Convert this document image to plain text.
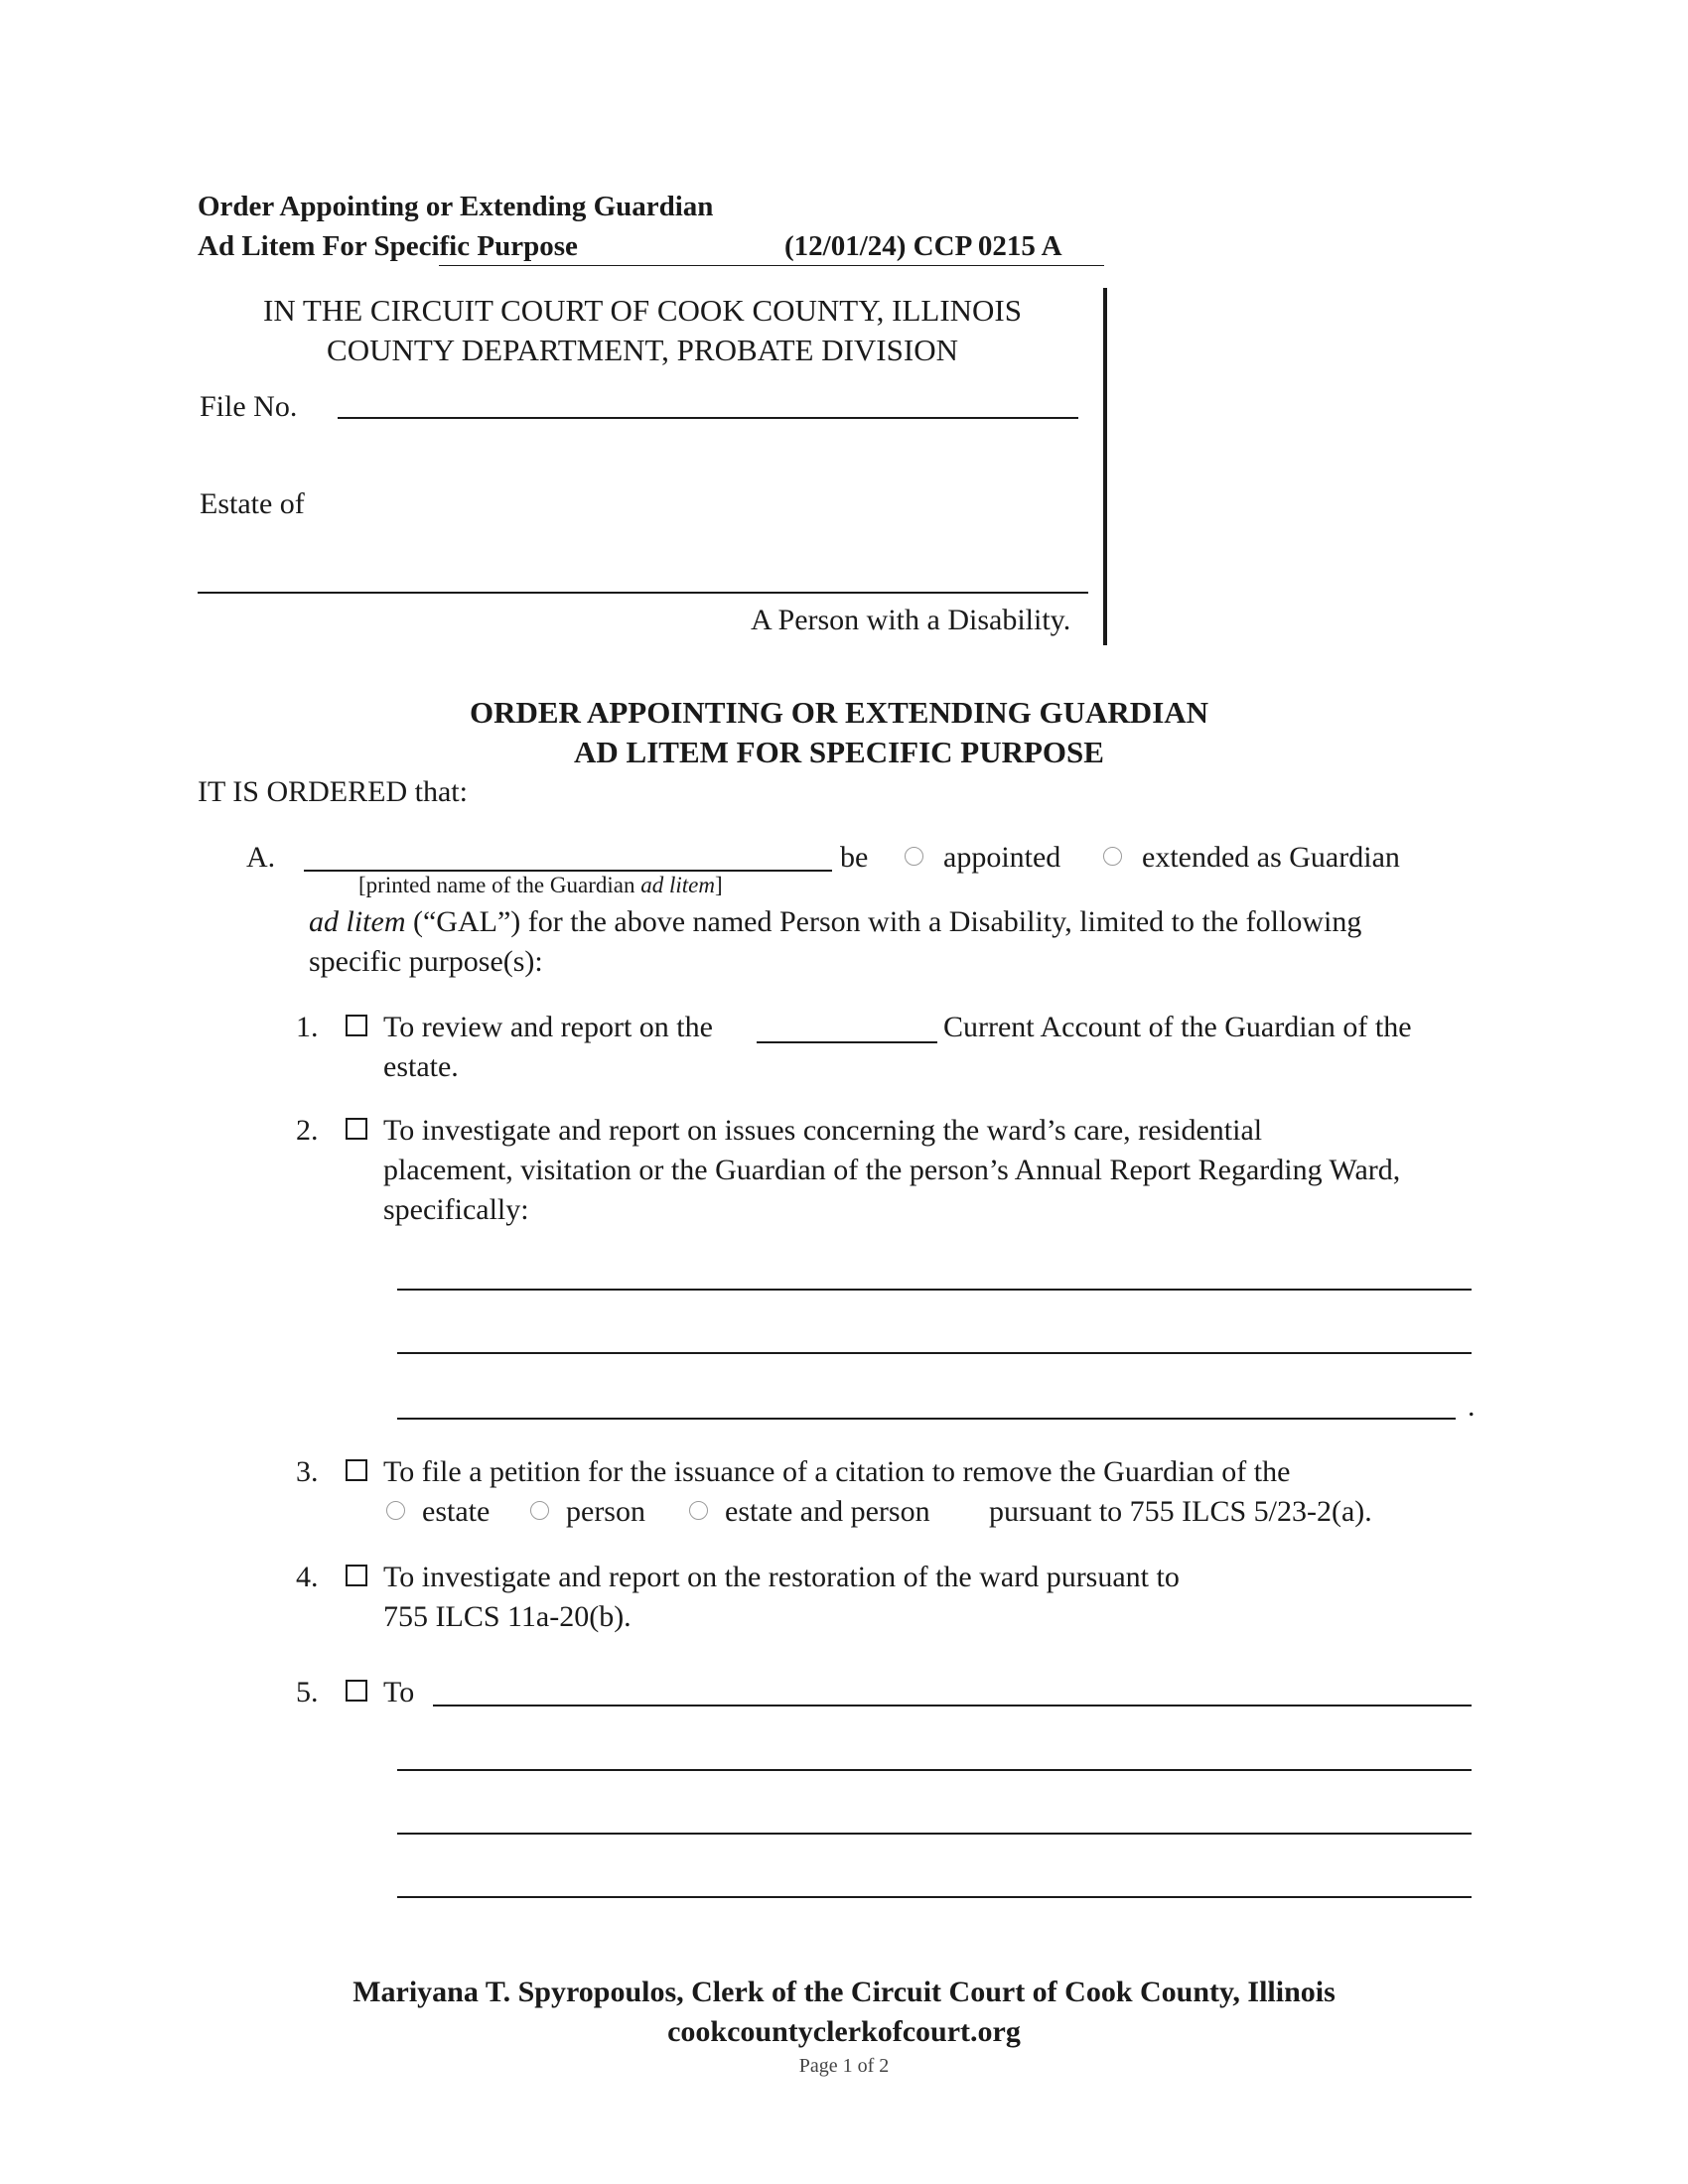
Order Appointing or Extending Guardian
Ad Litem For Specific Purpose	(12/01/24) CCP 0215 A
IN THE CIRCUIT COURT OF COOK COUNTY, ILLINOIS
COUNTY DEPARTMENT, PROBATE DIVISION
File No.
Estate of
A Person with a Disability.
ORDER APPOINTING OR EXTENDING GUARDIAN
AD LITEM FOR SPECIFIC PURPOSE
IT IS ORDERED that:
A.	be	appointed	extended as Guardian
[printed name of the Guardian ad litem]
ad litem (“GAL”) for the above named Person with a Disability, limited to the following
specific purpose(s):
1. To review and report on the	Current Account of the Guardian of the
estate.
2. To investigate and report on issues concerning the ward’s care, residential
placement, visitation or the Guardian of the person’s Annual Report Regarding Ward,
specifically:
.
3. To file a petition for the issuance of a citation to remove the Guardian of the
estate	person	estate and person pursuant to 755 ILCS 5/23-2(a).
4. To investigate and report on the restoration of the ward pursuant to
755 ILCS 11a-20(b).
5. To
Mariyana T. Spyropoulos, Clerk of the Circuit Court of Cook County, Illinois
cookcountyclerkofcourt.org
Page 1 of 2
